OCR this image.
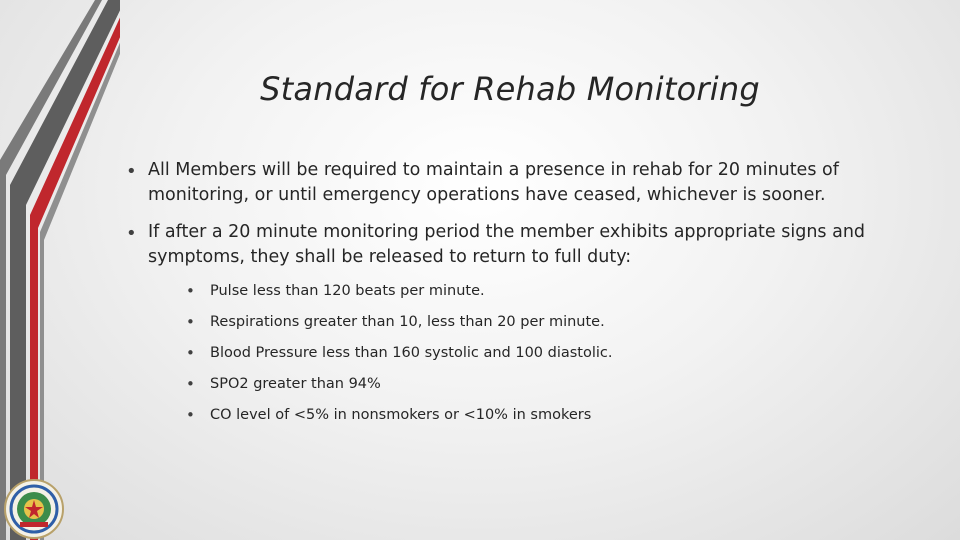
Standard for Rehab Monitoring
• All Members will be required to maintain a presence in rehab for 20 minutes of monitoring, or until emergency operations have ceased, whichever is sooner.
• If after a 20 minute monitoring period the member exhibits appropriate signs and symptoms, they shall be released to return to full duty:
• Pulse less than 120 beats per minute.
• Respirations greater than 10, less than 20 per minute.
• Blood Pressure less than 160 systolic and 100 diastolic.
• SPO2 greater than 94%
• CO level of <5% in nonsmokers or <10% in smokers
